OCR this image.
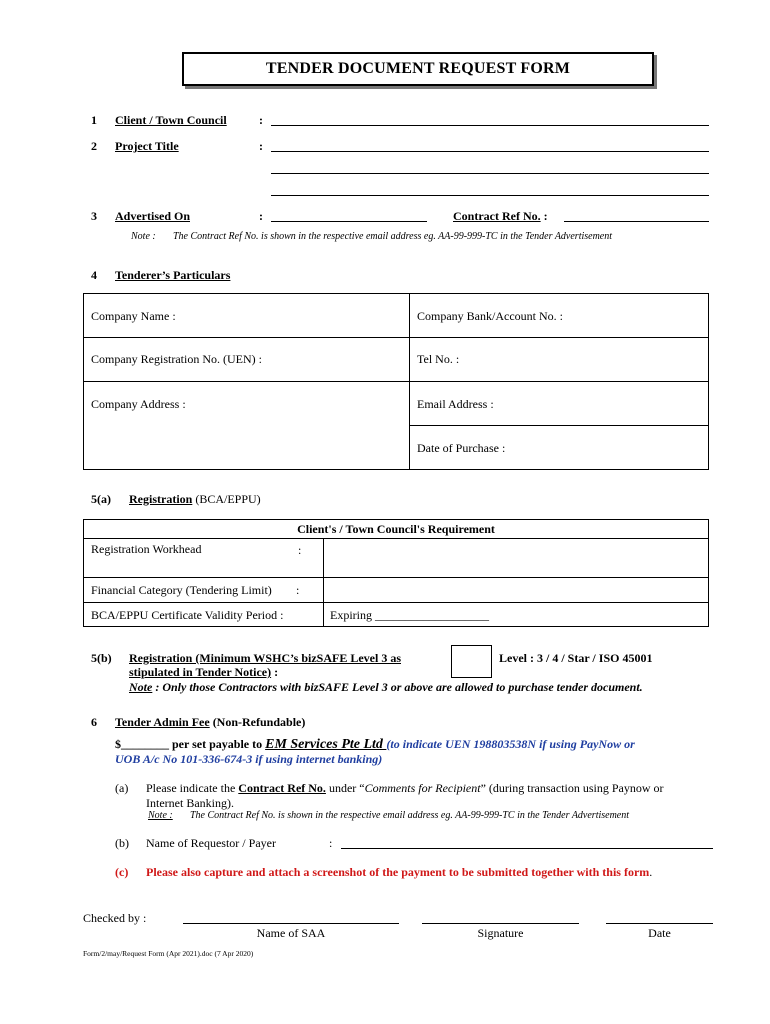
TENDER DOCUMENT REQUEST FORM
1 Client / Town Council	:
2 Project Title	:
3 Advertised On	:	Contract Ref No. :
Note : The Contract Ref No. is shown in the respective email address eg. AA-99-999-TC in the Tender Advertisement
4 Tenderer’s Particulars
Company Name :	Company Bank/Account No. :
Company Registration No. (UEN) :	Tel No. :
Company Address :	Email Address :
Date of Purchase :
5(a) Registration (BCA/EPPU)
Client's / Town Council's Requirement
Registration Workhead	:
Financial Category (Tendering Limit) :
BCA/EPPU Certificate Validity Period :	Expiring ___________________
5(b) Registration (Minimum WSHC’s bizSAFE Level 3 as
stipulated in Tender Notice) :
Level : 3 / 4 / Star / ISO 45001
Note : Only those Contractors with bizSAFE Level 3 or above are allowed to purchase tender document.
6 Tender Admin Fee (Non-Refundable)
$________ per set payable to EM Services Pte Ltd (to indicate UEN 198803538N if using PayNow or
UOB A/c No 101-336-674-3 if using internet banking)
(a) Please indicate the Contract Ref No. under “Comments for Recipient” (during transaction using Paynow or
Internet Banking).
Note : The Contract Ref No. is shown in the respective email address eg. AA-99-999-TC in the Tender Advertisement
(b) Name of Requestor / Payer	:
(c) Please also capture and attach a screenshot of the payment to be submitted together with this form.
Checked by :
Name of SAA	Signature	Date
Form/2/may/Request Form (Apr 2021).doc (7 Apr 2020)
